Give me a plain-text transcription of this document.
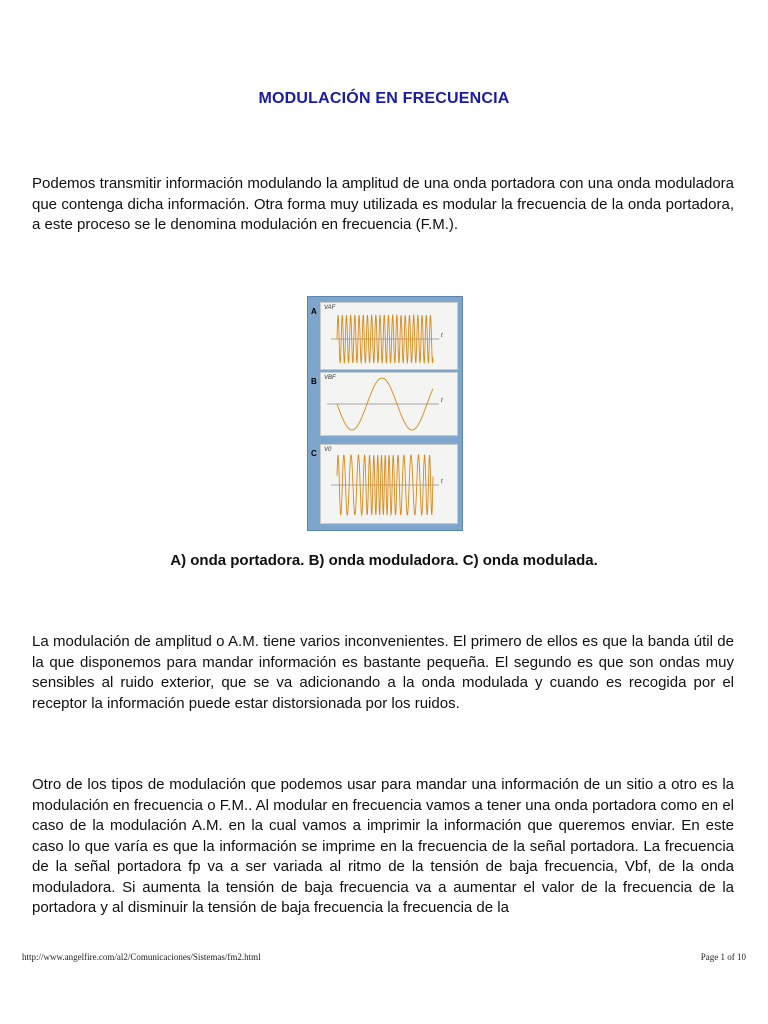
MODULACIÓN EN FRECUENCIA
Podemos transmitir información modulando la amplitud de una onda portadora con una onda moduladora que contenga dicha información. Otra forma muy utilizada es modular la frecuencia de la onda portadora, a este proceso se le denomina modulación en frecuencia (F.M.).
A VAF
t
B VBF
t
C V0
t
A) onda portadora. B) onda moduladora. C) onda modulada.
La modulación de amplitud o A.M. tiene varios inconvenientes. El primero de ellos es que la banda útil de la que disponemos para mandar información es bastante pequeña. El segundo es que son ondas muy sensibles al ruido exterior, que se va adicionando a la onda modulada y cuando es recogida por el receptor la información puede estar distorsionada por los ruidos.
Otro de los tipos de modulación que podemos usar para mandar una información de un sitio a otro es la modulación en frecuencia o F.M.. Al modular en frecuencia vamos a tener una onda portadora como en el caso de la modulación A.M. en la cual vamos a imprimir la información que queremos enviar. En este caso lo que varía es que la información se imprime en la frecuencia de la señal portadora. La frecuencia de la señal portadora fp va a ser variada al ritmo de la tensión de baja frecuencia, Vbf, de la onda moduladora. Si aumenta la tensión de baja frecuencia va a aumentar el valor de la frecuencia de la portadora y al disminuir la tensión de baja frecuencia la frecuencia de la
http://www.angelfire.com/al2/Comunicaciones/Sistemas/fm2.html	Page 1 of 10
